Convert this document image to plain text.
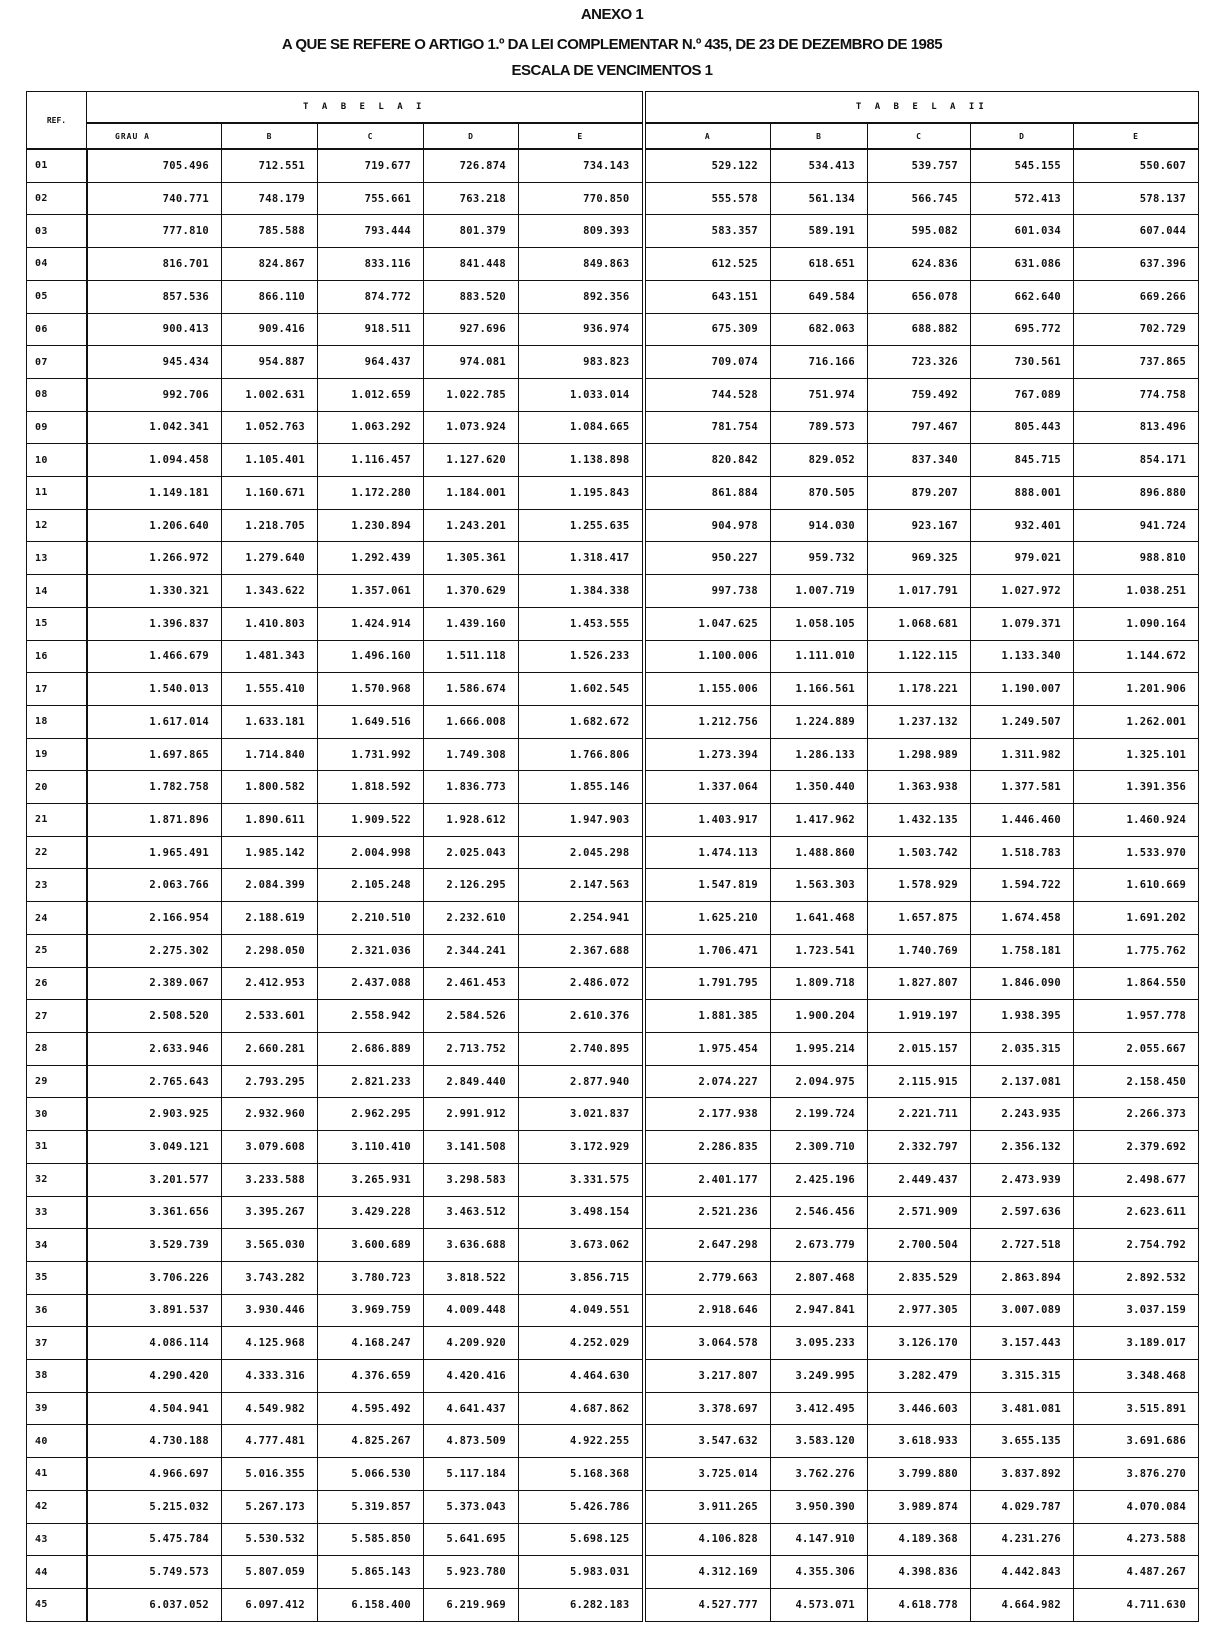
ANEXO 1
A QUE SE REFERE O ARTIGO 1.º DA LEI COMPLEMENTAR N.º 435, DE 23 DE DEZEMBRO DE 1985
ESCALA DE VENCIMENTOS 1
REF.	T A B E L A I					T A B E L A II				
	GRAU A	B	C	D	E	A	B	C	D	E
01	705.496	712.551	719.677	726.874	734.143	529.122	534.413	539.757	545.155	550.607
02	740.771	748.179	755.661	763.218	770.850	555.578	561.134	566.745	572.413	578.137
03	777.810	785.588	793.444	801.379	809.393	583.357	589.191	595.082	601.034	607.044
04	816.701	824.867	833.116	841.448	849.863	612.525	618.651	624.836	631.086	637.396
05	857.536	866.110	874.772	883.520	892.356	643.151	649.584	656.078	662.640	669.266
06	900.413	909.416	918.511	927.696	936.974	675.309	682.063	688.882	695.772	702.729
07	945.434	954.887	964.437	974.081	983.823	709.074	716.166	723.326	730.561	737.865
08	992.706	1.002.631	1.012.659	1.022.785	1.033.014	744.528	751.974	759.492	767.089	774.758
09	1.042.341	1.052.763	1.063.292	1.073.924	1.084.665	781.754	789.573	797.467	805.443	813.496
10	1.094.458	1.105.401	1.116.457	1.127.620	1.138.898	820.842	829.052	837.340	845.715	854.171
11	1.149.181	1.160.671	1.172.280	1.184.001	1.195.843	861.884	870.505	879.207	888.001	896.880
12	1.206.640	1.218.705	1.230.894	1.243.201	1.255.635	904.978	914.030	923.167	932.401	941.724
13	1.266.972	1.279.640	1.292.439	1.305.361	1.318.417	950.227	959.732	969.325	979.021	988.810
14	1.330.321	1.343.622	1.357.061	1.370.629	1.384.338	997.738	1.007.719	1.017.791	1.027.972	1.038.251
15	1.396.837	1.410.803	1.424.914	1.439.160	1.453.555	1.047.625	1.058.105	1.068.681	1.079.371	1.090.164
16	1.466.679	1.481.343	1.496.160	1.511.118	1.526.233	1.100.006	1.111.010	1.122.115	1.133.340	1.144.672
17	1.540.013	1.555.410	1.570.968	1.586.674	1.602.545	1.155.006	1.166.561	1.178.221	1.190.007	1.201.906
18	1.617.014	1.633.181	1.649.516	1.666.008	1.682.672	1.212.756	1.224.889	1.237.132	1.249.507	1.262.001
19	1.697.865	1.714.840	1.731.992	1.749.308	1.766.806	1.273.394	1.286.133	1.298.989	1.311.982	1.325.101
20	1.782.758	1.800.582	1.818.592	1.836.773	1.855.146	1.337.064	1.350.440	1.363.938	1.377.581	1.391.356
21	1.871.896	1.890.611	1.909.522	1.928.612	1.947.903	1.403.917	1.417.962	1.432.135	1.446.460	1.460.924
22	1.965.491	1.985.142	2.004.998	2.025.043	2.045.298	1.474.113	1.488.860	1.503.742	1.518.783	1.533.970
23	2.063.766	2.084.399	2.105.248	2.126.295	2.147.563	1.547.819	1.563.303	1.578.929	1.594.722	1.610.669
24	2.166.954	2.188.619	2.210.510	2.232.610	2.254.941	1.625.210	1.641.468	1.657.875	1.674.458	1.691.202
25	2.275.302	2.298.050	2.321.036	2.344.241	2.367.688	1.706.471	1.723.541	1.740.769	1.758.181	1.775.762
26	2.389.067	2.412.953	2.437.088	2.461.453	2.486.072	1.791.795	1.809.718	1.827.807	1.846.090	1.864.550
27	2.508.520	2.533.601	2.558.942	2.584.526	2.610.376	1.881.385	1.900.204	1.919.197	1.938.395	1.957.778
28	2.633.946	2.660.281	2.686.889	2.713.752	2.740.895	1.975.454	1.995.214	2.015.157	2.035.315	2.055.667
29	2.765.643	2.793.295	2.821.233	2.849.440	2.877.940	2.074.227	2.094.975	2.115.915	2.137.081	2.158.450
30	2.903.925	2.932.960	2.962.295	2.991.912	3.021.837	2.177.938	2.199.724	2.221.711	2.243.935	2.266.373
31	3.049.121	3.079.608	3.110.410	3.141.508	3.172.929	2.286.835	2.309.710	2.332.797	2.356.132	2.379.692
32	3.201.577	3.233.588	3.265.931	3.298.583	3.331.575	2.401.177	2.425.196	2.449.437	2.473.939	2.498.677
33	3.361.656	3.395.267	3.429.228	3.463.512	3.498.154	2.521.236	2.546.456	2.571.909	2.597.636	2.623.611
34	3.529.739	3.565.030	3.600.689	3.636.688	3.673.062	2.647.298	2.673.779	2.700.504	2.727.518	2.754.792
35	3.706.226	3.743.282	3.780.723	3.818.522	3.856.715	2.779.663	2.807.468	2.835.529	2.863.894	2.892.532
36	3.891.537	3.930.446	3.969.759	4.009.448	4.049.551	2.918.646	2.947.841	2.977.305	3.007.089	3.037.159
37	4.086.114	4.125.968	4.168.247	4.209.920	4.252.029	3.064.578	3.095.233	3.126.170	3.157.443	3.189.017
38	4.290.420	4.333.316	4.376.659	4.420.416	4.464.630	3.217.807	3.249.995	3.282.479	3.315.315	3.348.468
39	4.504.941	4.549.982	4.595.492	4.641.437	4.687.862	3.378.697	3.412.495	3.446.603	3.481.081	3.515.891
40	4.730.188	4.777.481	4.825.267	4.873.509	4.922.255	3.547.632	3.583.120	3.618.933	3.655.135	3.691.686
41	4.966.697	5.016.355	5.066.530	5.117.184	5.168.368	3.725.014	3.762.276	3.799.880	3.837.892	3.876.270
42	5.215.032	5.267.173	5.319.857	5.373.043	5.426.786	3.911.265	3.950.390	3.989.874	4.029.787	4.070.084
43	5.475.784	5.530.532	5.585.850	5.641.695	5.698.125	4.106.828	4.147.910	4.189.368	4.231.276	4.273.588
44	5.749.573	5.807.059	5.865.143	5.923.780	5.983.031	4.312.169	4.355.306	4.398.836	4.442.843	4.487.267
45	6.037.052	6.097.412	6.158.400	6.219.969	6.282.183	4.527.777	4.573.071	4.618.778	4.664.982	4.711.630
